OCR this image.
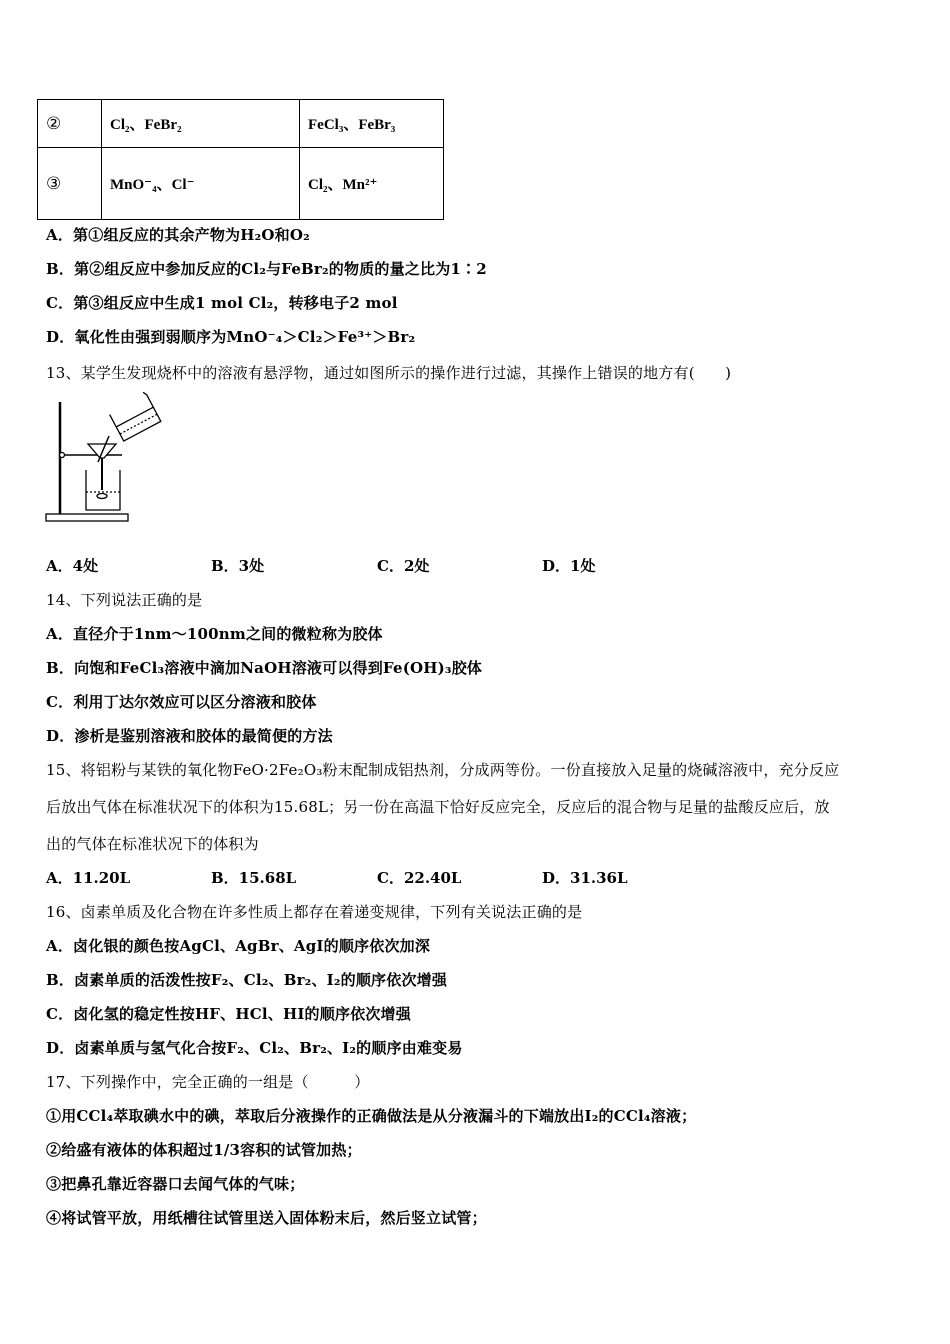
②	Cl₂、FeBr₂	FeCl₃、FeBr₃
③	MnO⁻₄、Cl⁻	Cl₂、Mn²⁺
A．第①组反应的其余产物为H₂O和O₂
B．第②组反应中参加反应的Cl₂与FeBr₂的物质的量之比为1∶2
C．第③组反应中生成1 mol Cl₂，转移电子2 mol
D．氧化性由强到弱顺序为MnO⁻₄＞Cl₂＞Fe³⁺＞Br₂
13、某学生发现烧杯中的溶液有悬浮物，通过如图所示的操作进行过滤，其操作上错误的地方有(　　)
A．4处	B．3处	C．2处	D．1处
14、下列说法正确的是
A．直径介于1nm～100nm之间的微粒称为胶体
B．向饱和FeCl₃溶液中滴加NaOH溶液可以得到Fe(OH)₃胶体
C．利用丁达尔效应可以区分溶液和胶体
D．渗析是鉴别溶液和胶体的最简便的方法
15、将铝粉与某铁的氧化物FeO·2Fe₂O₃粉末配制成铝热剂，分成两等份。一份直接放入足量的烧碱溶液中，充分反应
后放出气体在标准状况下的体积为15.68L；另一份在高温下恰好反应完全，反应后的混合物与足量的盐酸反应后，放
出的气体在标准状况下的体积为
A．11.20L	B．15.68L	C．22.40L	D．31.36L
16、卤素单质及化合物在许多性质上都存在着递变规律，下列有关说法正确的是
A．卤化银的颜色按AgCl、AgBr、AgI的顺序依次加深
B．卤素单质的活泼性按F₂、Cl₂、Br₂、I₂的顺序依次增强
C．卤化氢的稳定性按HF、HCl、HI的顺序依次增强
D．卤素单质与氢气化合按F₂、Cl₂、Br₂、I₂的顺序由难变易
17、下列操作中，完全正确的一组是（　　　）
①用CCl₄萃取碘水中的碘，萃取后分液操作的正确做法是从分液漏斗的下端放出I₂的CCl₄溶液；
②给盛有液体的体积超过1/3容积的试管加热；
③把鼻孔靠近容器口去闻气体的气味；
④将试管平放，用纸槽往试管里送入固体粉末后，然后竖立试管；
